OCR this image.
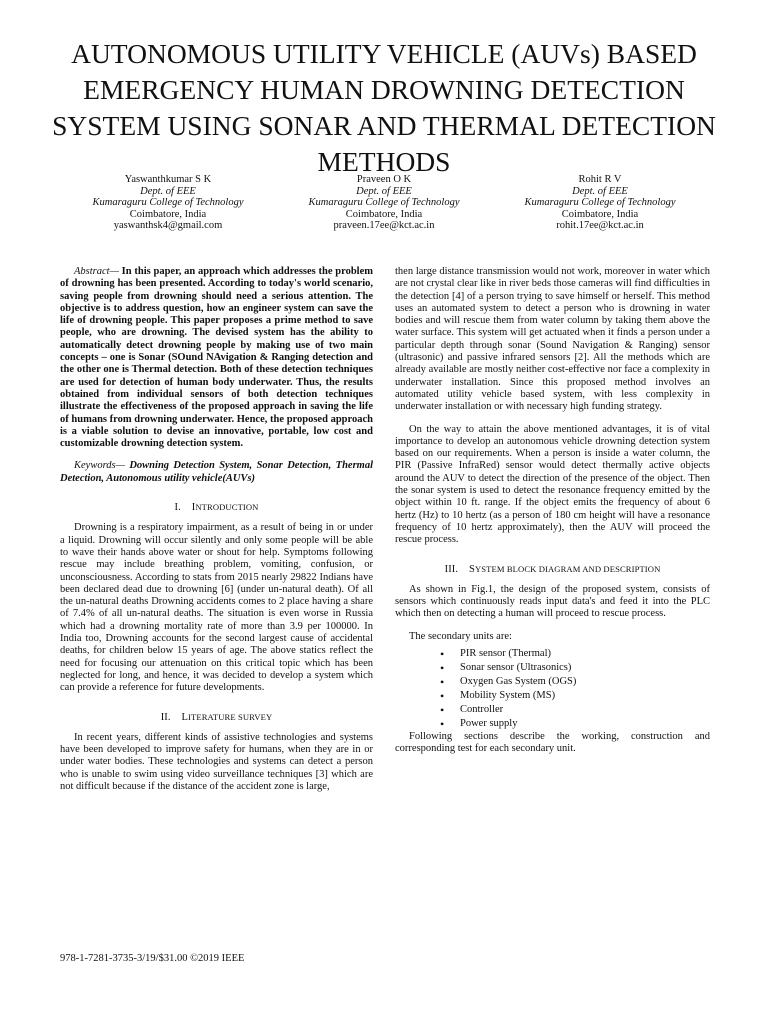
AUTONOMOUS UTILITY VEHICLE (AUVs) BASED EMERGENCY HUMAN DROWNING DETECTION SYSTEM USING SONAR AND THERMAL DETECTION METHODS
Yaswanthkumar S K
Dept. of EEE
Kumaraguru College of Technology
Coimbatore, India
yaswanthsk4@gmail.com
Praveen O K
Dept. of EEE
Kumaraguru College of Technology
Coimbatore, India
praveen.17ee@kct.ac.in
Rohit R V
Dept. of EEE
Kumaraguru College of Technology
Coimbatore, India
rohit.17ee@kct.ac.in

Abstract— In this paper, an approach which addresses the problem of drowning has been presented. According to today's world scenario, saving people from drowning should need a serious attention. The objective is to address question, how an engineer system can save the life of drowning people. This paper proposes a prime method to save people, who are drowning. The devised system has the ability to automatically detect drowning people by making use of two main concepts – one is Sonar (SOund NAvigation & Ranging detection and the other one is Thermal detection. Both of these detection techniques are used for detection of human body underwater. Thus, the results obtained from individual sensors of both detection techniques illustrate the effectiveness of the proposed approach in saving the life of humans from drowning underwater. Hence, the proposed approach is a viable solution to devise an innovative, portable, low cost and customizable drowning detection system.

Keywords— Downing Detection System, Sonar Detection, Thermal Detection, Autonomous utility vehicle(AUVs)

I. INTRODUCTION

Drowning is a respiratory impairment, as a result of being in or under a liquid. Drowning will occur silently and only some people will be able to wave their hands above water or shout for help. Symptoms following rescue may include breathing problem, vomiting, confusion, or unconsciousness. According to stats from 2015 nearly 29822 Indians have been declared dead due to drowning [6] (under un-natural death). Of all the un-natural deaths Drowning accidents comes to 2 place having a share of 7.4% of all un-natural deaths. The situation is even worse in Russia which had a drowning mortality rate of more than 3.9 per 100000. In India too, Drowning accounts for the second largest cause of accidental deaths, for children below 15 years of age. The above statics reflect the need for focusing our attenuation on this critical topic which has been neglected for long, and hence, it was decided to develop a system which can provide a reference for future developments.

II. LITERATURE SURVEY

In recent years, different kinds of assistive technologies and systems have been developed to improve safety for humans, when they are in or under water bodies. These technologies and systems can detect a person who is unable to swim using video surveillance techniques [3] which are not difficult because if the distance of the accident zone is large,

then large distance transmission would not work, moreover in water which are not crystal clear like in river beds those cameras will find difficulties in the detection [4] of a person trying to save himself or herself. This method uses an automated system to detect a person who is drowning in water bodies and will rescue them from water column by taking them above the water surface. This system will get actuated when it finds a person under a particular depth through sonar (Sound Navigation & Ranging) sensor (ultrasonic) and passive infrared sensors [2]. All the methods which are already available are mostly neither cost-effective nor face a complexity in underwater installation. Since this proposed method involves an automated utility vehicle based system, with less complexity in underwater installation or with necessary high funding strategy.

On the way to attain the above mentioned advantages, it is of vital importance to develop an autonomous vehicle drowning detection system based on our requirements. When a person is inside a water column, the PIR (Passive InfraRed) sensor would detect thermally active objects around the AUV to detect the direction of the presence of the object. Then the sonar system is used to detect the resonance frequency emitted by the object within 10 ft. range. If the object emits the frequency of about 6 hertz (Hz) to 10 hertz (as a person of 180 cm height will have a resonance frequency of 10 hertz approximately), then the AUV will proceed the rescue process.

III. SYSTEM BLOCK DIAGRAM AND DESCRIPTION

As shown in Fig.1, the design of the proposed system, consists of sensors which continuously reads input data's and feed it into the PLC which then on detecting a human will proceed to rescue process.

The secondary units are:

• PIR sensor (Thermal)
• Sonar sensor (Ultrasonics)
• Oxygen Gas System (OGS)
• Mobility System (MS)
• Controller
• Power supply

Following sections describe the working, construction and corresponding test for each secondary unit.

978-1-7281-3735-3/19/$31.00 ©2019 IEEE
